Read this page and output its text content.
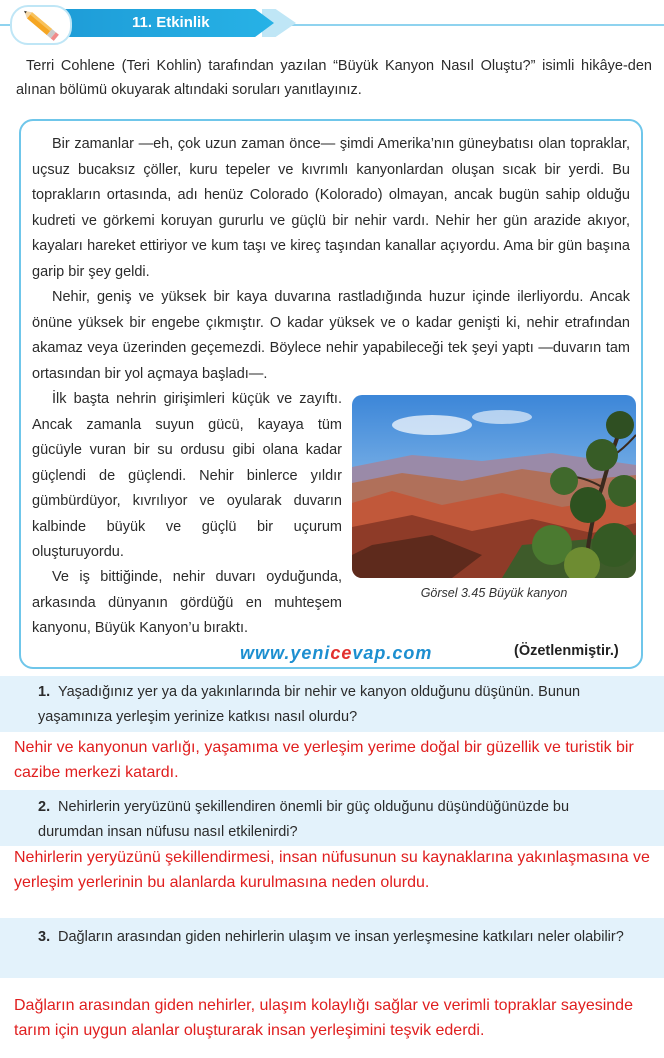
11. Etkinlik
Terri Cohlene (Teri Kohlin) tarafından yazılan “Büyük Kanyon Nasıl Oluştu?” isimli hikâye-den alınan bölümü okuyarak altındaki soruları yanıtlayınız.
Bir zamanlar —eh, çok uzun zaman önce— şimdi Amerika’nın güneybatısı olan topraklar, uçsuz bucaksız çöller, kuru tepeler ve kıvrımlı kanyonlardan oluşan sıcak bir yerdi. Bu toprakların ortasında, adı henüz Colorado (Kolorado) olmayan, ancak bugün sahip olduğu kudreti ve görkemi koruyan gururlu ve güçlü bir nehir vardı. Nehir her gün arazide akıyor, kayaları hareket ettiriyor ve kum taşı ve kireç taşından kanallar açıyordu. Ama bir gün başına garip bir şey geldi.
Nehir, geniş ve yüksek bir kaya duvarına rastladığında huzur içinde ilerliyordu. Ancak önüne yüksek bir engebe çıkmıştır. O kadar yüksek ve o kadar genişti ki, nehir etrafından akamaz veya üzerinden geçemezdi. Böylece nehir yapabileceği tek şeyi yaptı —duvarın tam ortasından bir yol açmaya başladı—.
İlk başta nehrin girişimleri küçük ve zayıftı. Ancak zamanla suyun gücü, kayaya tüm gücüyle vuran bir su ordusu gibi olana kadar güçlendi de güçlendi. Nehir binlerce yıldır gümbürdüyor, kıvrılıyor ve oyularak duvarın kalbinde büyük ve güçlü bir uçurum oluşturuyordu.
Ve iş bittiğinde, nehir duvarı oyduğunda, arkasında dünyanın gördüğü en muhteşem kanyonu, Büyük Kanyon’u bıraktı.
Görsel 3.45 Büyük kanyon
www.yenicevap.com	(Özetlenmiştir.)
1. Yaşadığınız yer ya da yakınlarında bir nehir ve kanyon olduğunu düşünün. Bunun yaşamınıza yerleşim yerinize katkısı nasıl olurdu?
Nehir ve kanyonun varlığı, yaşamıma ve yerleşim yerime doğal bir güzellik ve turistik bir cazibe merkezi katardı.
2. Nehirlerin yeryüzünü şekillendiren önemli bir güç olduğunu düşündüğünüzde bu durumdan insan nüfusu nasıl etkilenirdi?
Nehirlerin yeryüzünü şekillendirmesi, insan nüfusunun su kaynaklarına yakınlaşmasına ve yerleşim yerlerinin bu alanlarda kurulmasına neden olurdu.
3. Dağların arasından giden nehirlerin ulaşım ve insan yerleşmesine katkıları neler olabilir?
Dağların arasından giden nehirler, ulaşım kolaylığı sağlar ve verimli topraklar sayesinde tarım için uygun alanlar oluşturarak insan yerleşimini teşvik ederdi.
